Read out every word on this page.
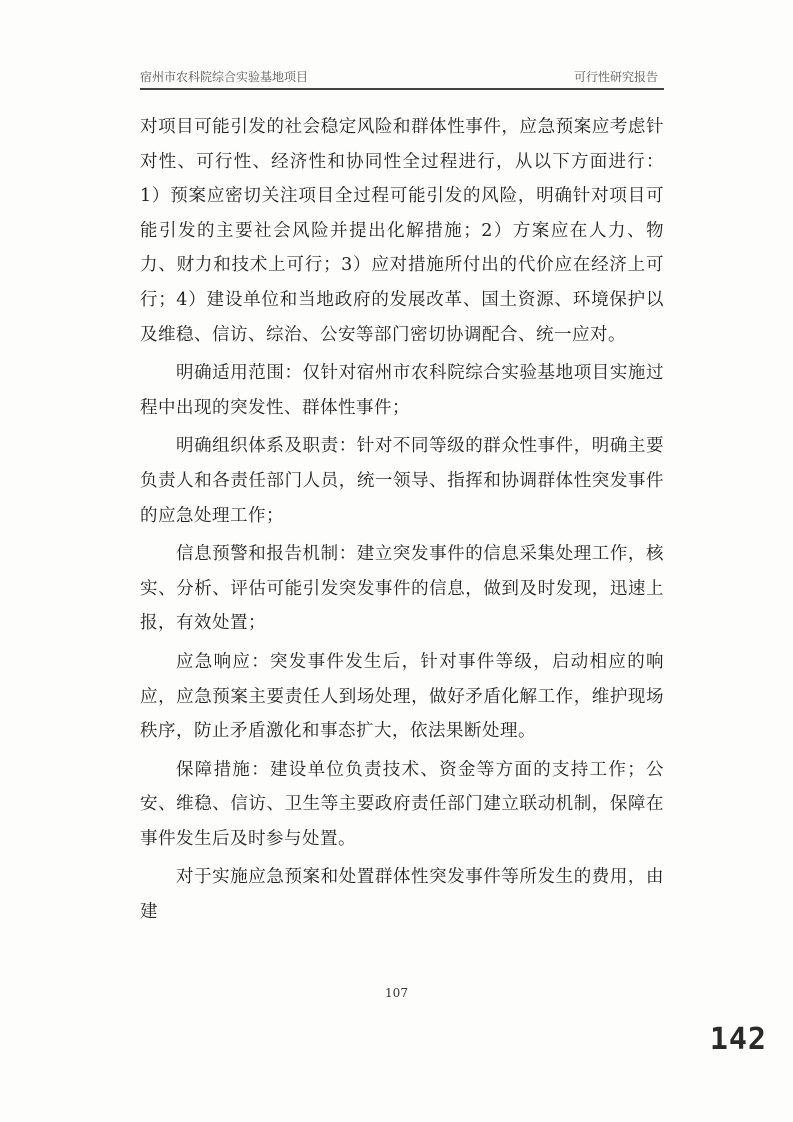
宿州市农科院综合实验基地项目	可行性研究报告

对项目可能引发的社会稳定风险和群体性事件，应急预案应考虑针对性、可行性、经济性和协同性全过程进行，从以下方面进行：1）预案应密切关注项目全过程可能引发的风险，明确针对项目可能引发的主要社会风险并提出化解措施；2）方案应在人力、物力、财力和技术上可行；3）应对措施所付出的代价应在经济上可行；4）建设单位和当地政府的发展改革、国土资源、环境保护以及维稳、信访、综治、公安等部门密切协调配合、统一应对。

明确适用范围：仅针对宿州市农科院综合实验基地项目实施过程中出现的突发性、群体性事件；

明确组织体系及职责：针对不同等级的群众性事件，明确主要负责人和各责任部门人员，统一领导、指挥和协调群体性突发事件的应急处理工作；

信息预警和报告机制：建立突发事件的信息采集处理工作，核实、分析、评估可能引发突发事件的信息，做到及时发现，迅速上报，有效处置；

应急响应：突发事件发生后，针对事件等级，启动相应的响应，应急预案主要责任人到场处理，做好矛盾化解工作，维护现场秩序，防止矛盾激化和事态扩大，依法果断处理。

保障措施：建设单位负责技术、资金等方面的支持工作；公安、维稳、信访、卫生等主要政府责任部门建立联动机制，保障在事件发生后及时参与处置。

对于实施应急预案和处置群体性突发事件等所发生的费用，由建

107
142
